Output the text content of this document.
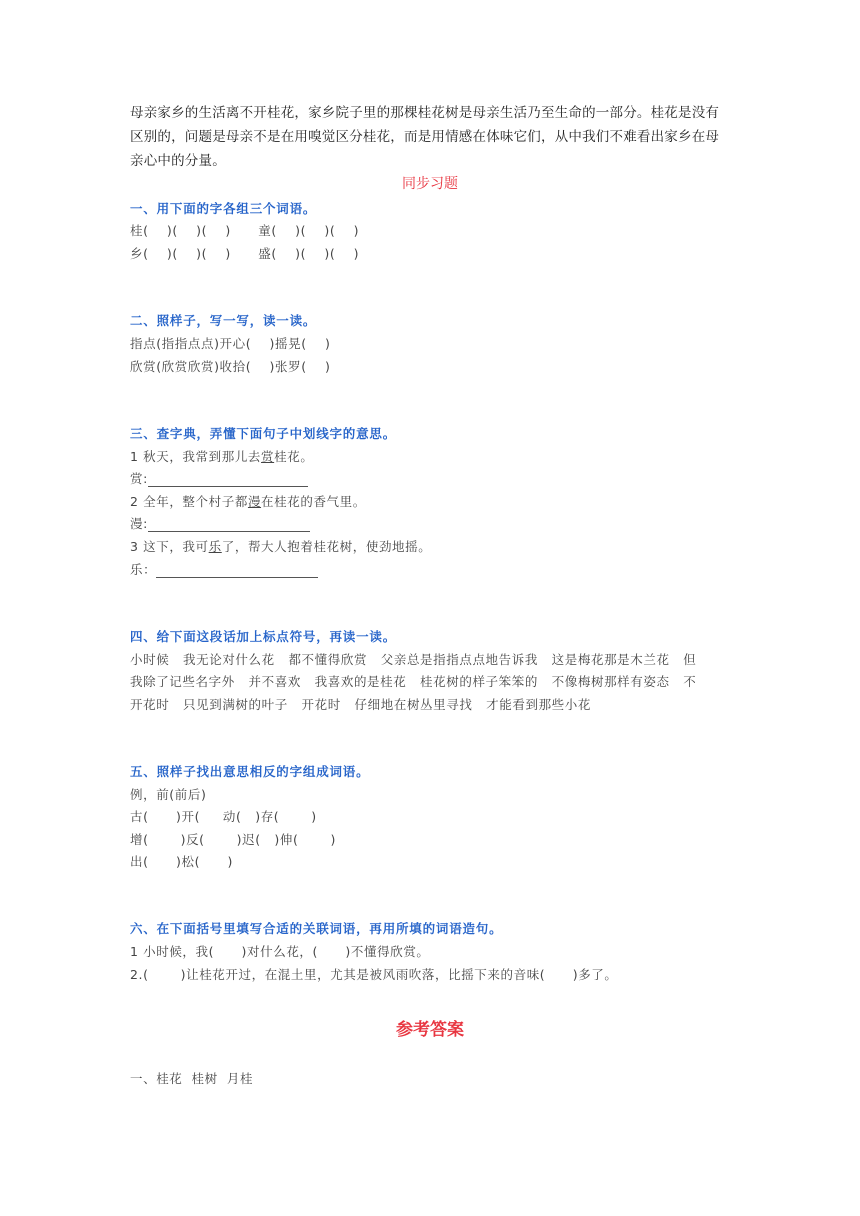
母亲家乡的生活离不开桂花，家乡院子里的那棵桂花树是母亲生活乃至生命的一部分。桂花是没有区别的，问题是母亲不是在用嗅觉区分桂花，而是用情感在体味它们，从中我们不难看出家乡在母亲心中的分量。
同步习题
一、用下面的字各组三个词语。
桂(    )(    )(    )      童(    )(    )(    )
乡(    )(    )(    )      盛(    )(    )(    )
二、照样子，写一写，读一读。
指点(指指点点)开心(    )摇晃(    )
欣赏(欣赏欣赏)收拾(    )张罗(    )
三、查字典，弄懂下面句子中划线字的意思。
1 秋天，我常到那儿去赏桂花。
赏:
2 全年，整个村子都漫在桂花的香气里。
漫:
3 这下，我可乐了，帮大人抱着桂花树，使劲地摇。
乐：
四、给下面这段话加上标点符号，再读一读。
小时候   我无论对什么花   都不懂得欣赏   父亲总是指指点点地告诉我   这是梅花那是木兰花   但
我除了记些名字外   并不喜欢   我喜欢的是桂花   桂花树的样子笨笨的   不像梅树那样有姿态   不
开花时   只见到满树的叶子   开花时   仔细地在树丛里寻找   才能看到那些小花
五、照样子找出意思相反的字组成词语。
例，前(前后)
古(      )开(     动(   )存(       )
增(       )反(       )迟(   )伸(       )
出(      )松(      )
六、在下面括号里填写合适的关联词语，再用所填的词语造句。
1 小时候，我(      )对什么花，(      )不懂得欣赏。
2.(       )让桂花开过，在混土里，尤其是被风雨吹落，比摇下来的音味(      )多了。
参考答案
一、桂花  桂树  月桂
